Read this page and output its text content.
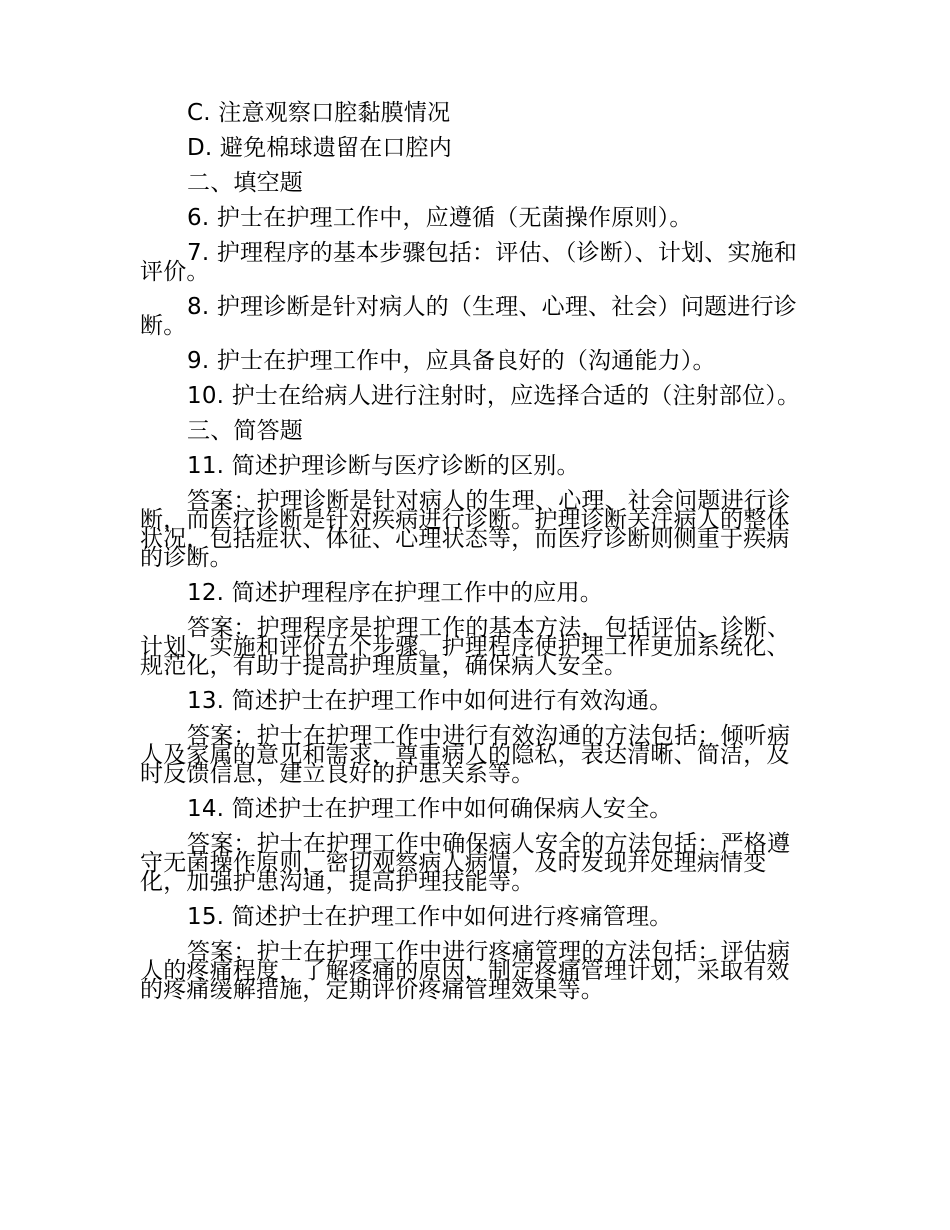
C. 注意观察口腔黏膜情况

D. 避免棉球遗留在口腔内

二、填空题

6. 护士在护理工作中，应遵循（无菌操作原则）。

7. 护理程序的基本步骤包括：评估、（诊断）、计划、实施和评价。

8. 护理诊断是针对病人的（生理、心理、社会）问题进行诊断。

9. 护士在护理工作中，应具备良好的（沟通能力）。

10. 护士在给病人进行注射时，应选择合适的（注射部位）。

三、简答题

11. 简述护理诊断与医疗诊断的区别。

答案：护理诊断是针对病人的生理、心理、社会问题进行诊断，而医疗诊断是针对疾病进行诊断。护理诊断关注病人的整体状况，包括症状、体征、心理状态等，而医疗诊断则侧重于疾病的诊断。

12. 简述护理程序在护理工作中的应用。

答案：护理程序是护理工作的基本方法，包括评估、诊断、计划、实施和评价五个步骤。护理程序使护理工作更加系统化、规范化，有助于提高护理质量，确保病人安全。

13. 简述护士在护理工作中如何进行有效沟通。

答案：护士在护理工作中进行有效沟通的方法包括：倾听病人及家属的意见和需求，尊重病人的隐私，表达清晰、简洁，及时反馈信息，建立良好的护患关系等。

14. 简述护士在护理工作中如何确保病人安全。

答案：护士在护理工作中确保病人安全的方法包括：严格遵守无菌操作原则，密切观察病人病情，及时发现并处理病情变化，加强护患沟通，提高护理技能等。

15. 简述护士在护理工作中如何进行疼痛管理。

答案：护士在护理工作中进行疼痛管理的方法包括：评估病人的疼痛程度，了解疼痛的原因，制定疼痛管理计划，采取有效的疼痛缓解措施，定期评价疼痛管理效果等。
